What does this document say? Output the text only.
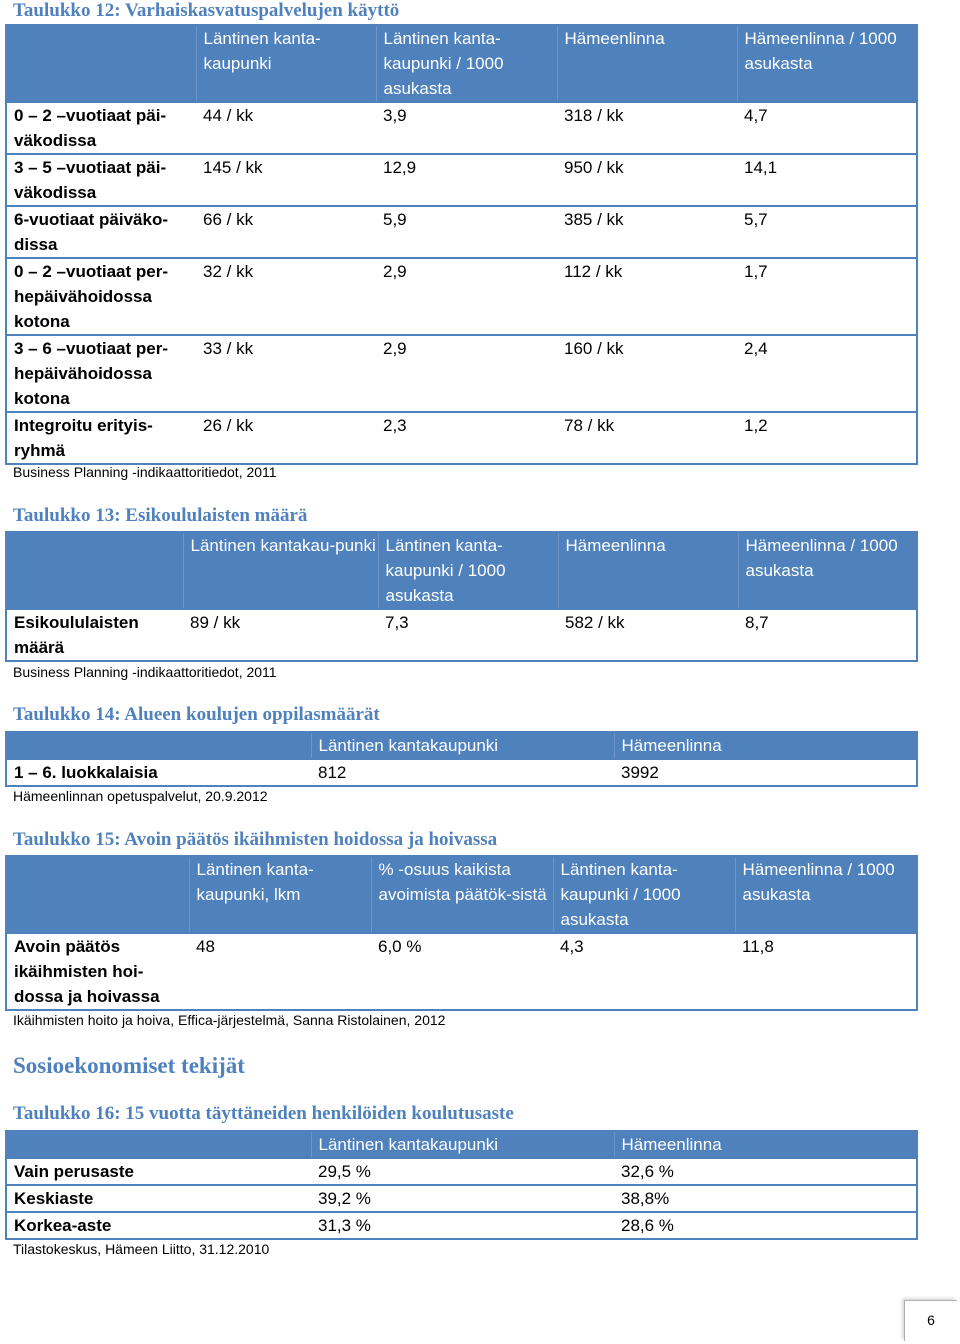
Taulukko 12: Varhaiskasvatuspalvelujen käyttö
	Läntinen kanta-kaupunki	Läntinen kanta-kaupunki / 1000 asukasta	Hämeenlinna	Hämeenlinna / 1000 asukasta
0 – 2 –vuotiaat päi-väkodissa	44 / kk	3,9	318 / kk	4,7
3 – 5 –vuotiaat päi-väkodissa	145 / kk	12,9	950 / kk	14,1
6-vuotiaat päiväko-dissa	66 / kk	5,9	385 / kk	5,7
0 – 2 –vuotiaat per-hepäivähoidossa kotona	32 / kk	2,9	112 / kk	1,7
3 – 6 –vuotiaat per-hepäivähoidossa kotona	33 / kk	2,9	160 / kk	2,4
Integroitu erityis-ryhmä	26 / kk	2,3	78 / kk	1,2
Business Planning -indikaattoritiedot, 2011
Taulukko 13: Esikoululaisten määrä
	Läntinen kantakau-punki	Läntinen kanta-kaupunki / 1000 asukasta	Hämeenlinna	Hämeenlinna / 1000 asukasta
Esikoululaisten määrä	89 / kk	7,3	582 / kk	8,7
Business Planning -indikaattoritiedot, 2011
Taulukko 14: Alueen koulujen oppilasmäärät
	Läntinen kantakaupunki	Hämeenlinna
1 – 6. luokkalaisia	812	3992
Hämeenlinnan opetuspalvelut, 20.9.2012
Taulukko 15: Avoin päätös ikäihmisten hoidossa ja hoivassa
	Läntinen kanta-kaupunki, lkm	% -osuus kaikista avoimista päätök-sistä	Läntinen kanta-kaupunki / 1000 asukasta	Hämeenlinna / 1000 asukasta
Avoin päätös ikäihmisten hoi-dossa ja hoivassa	48	6,0 %	4,3	11,8
Ikäihmisten hoito ja hoiva, Effica-järjestelmä, Sanna Ristolainen, 2012
Sosioekonomiset tekijät
Taulukko 16: 15 vuotta täyttäneiden henkilöiden koulutusaste
	Läntinen kantakaupunki	Hämeenlinna
Vain perusaste	29,5 %	32,6 %
Keskiaste	39,2 %	38,8%
Korkea-aste	31,3 %	28,6 %
Tilastokeskus, Hämeen Liitto, 31.12.2010
6
